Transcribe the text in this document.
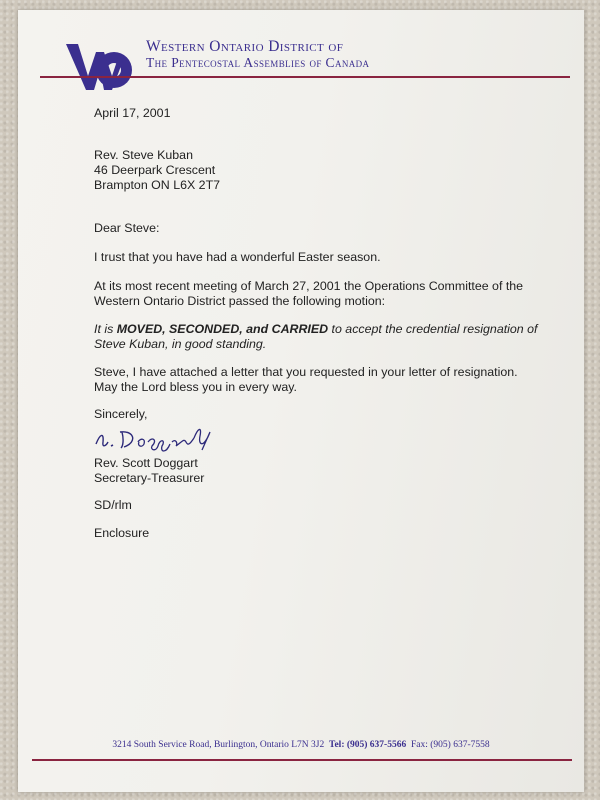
Western Ontario District of
The Pentecostal Assemblies of Canada
April 17, 2001
Rev. Steve Kuban
46 Deerpark Crescent
Brampton ON L6X 2T7
Dear Steve:
I trust that you have had a wonderful Easter season.
At its most recent meeting of March 27, 2001 the Operations Committee of the
Western Ontario District passed the following motion:
It is MOVED, SECONDED, and CARRIED to accept the credential resignation of
Steve Kuban, in good standing.
Steve, I have attached a letter that you requested in your letter of resignation.
May the Lord bless you in every way.
Sincerely,
Rev. Scott Doggart
Secretary-Treasurer
SD/rlm
Enclosure
3214 South Service Road, Burlington, Ontario L7N 3J2 Tel: (905) 637-5566 Fax: (905) 637-7558
